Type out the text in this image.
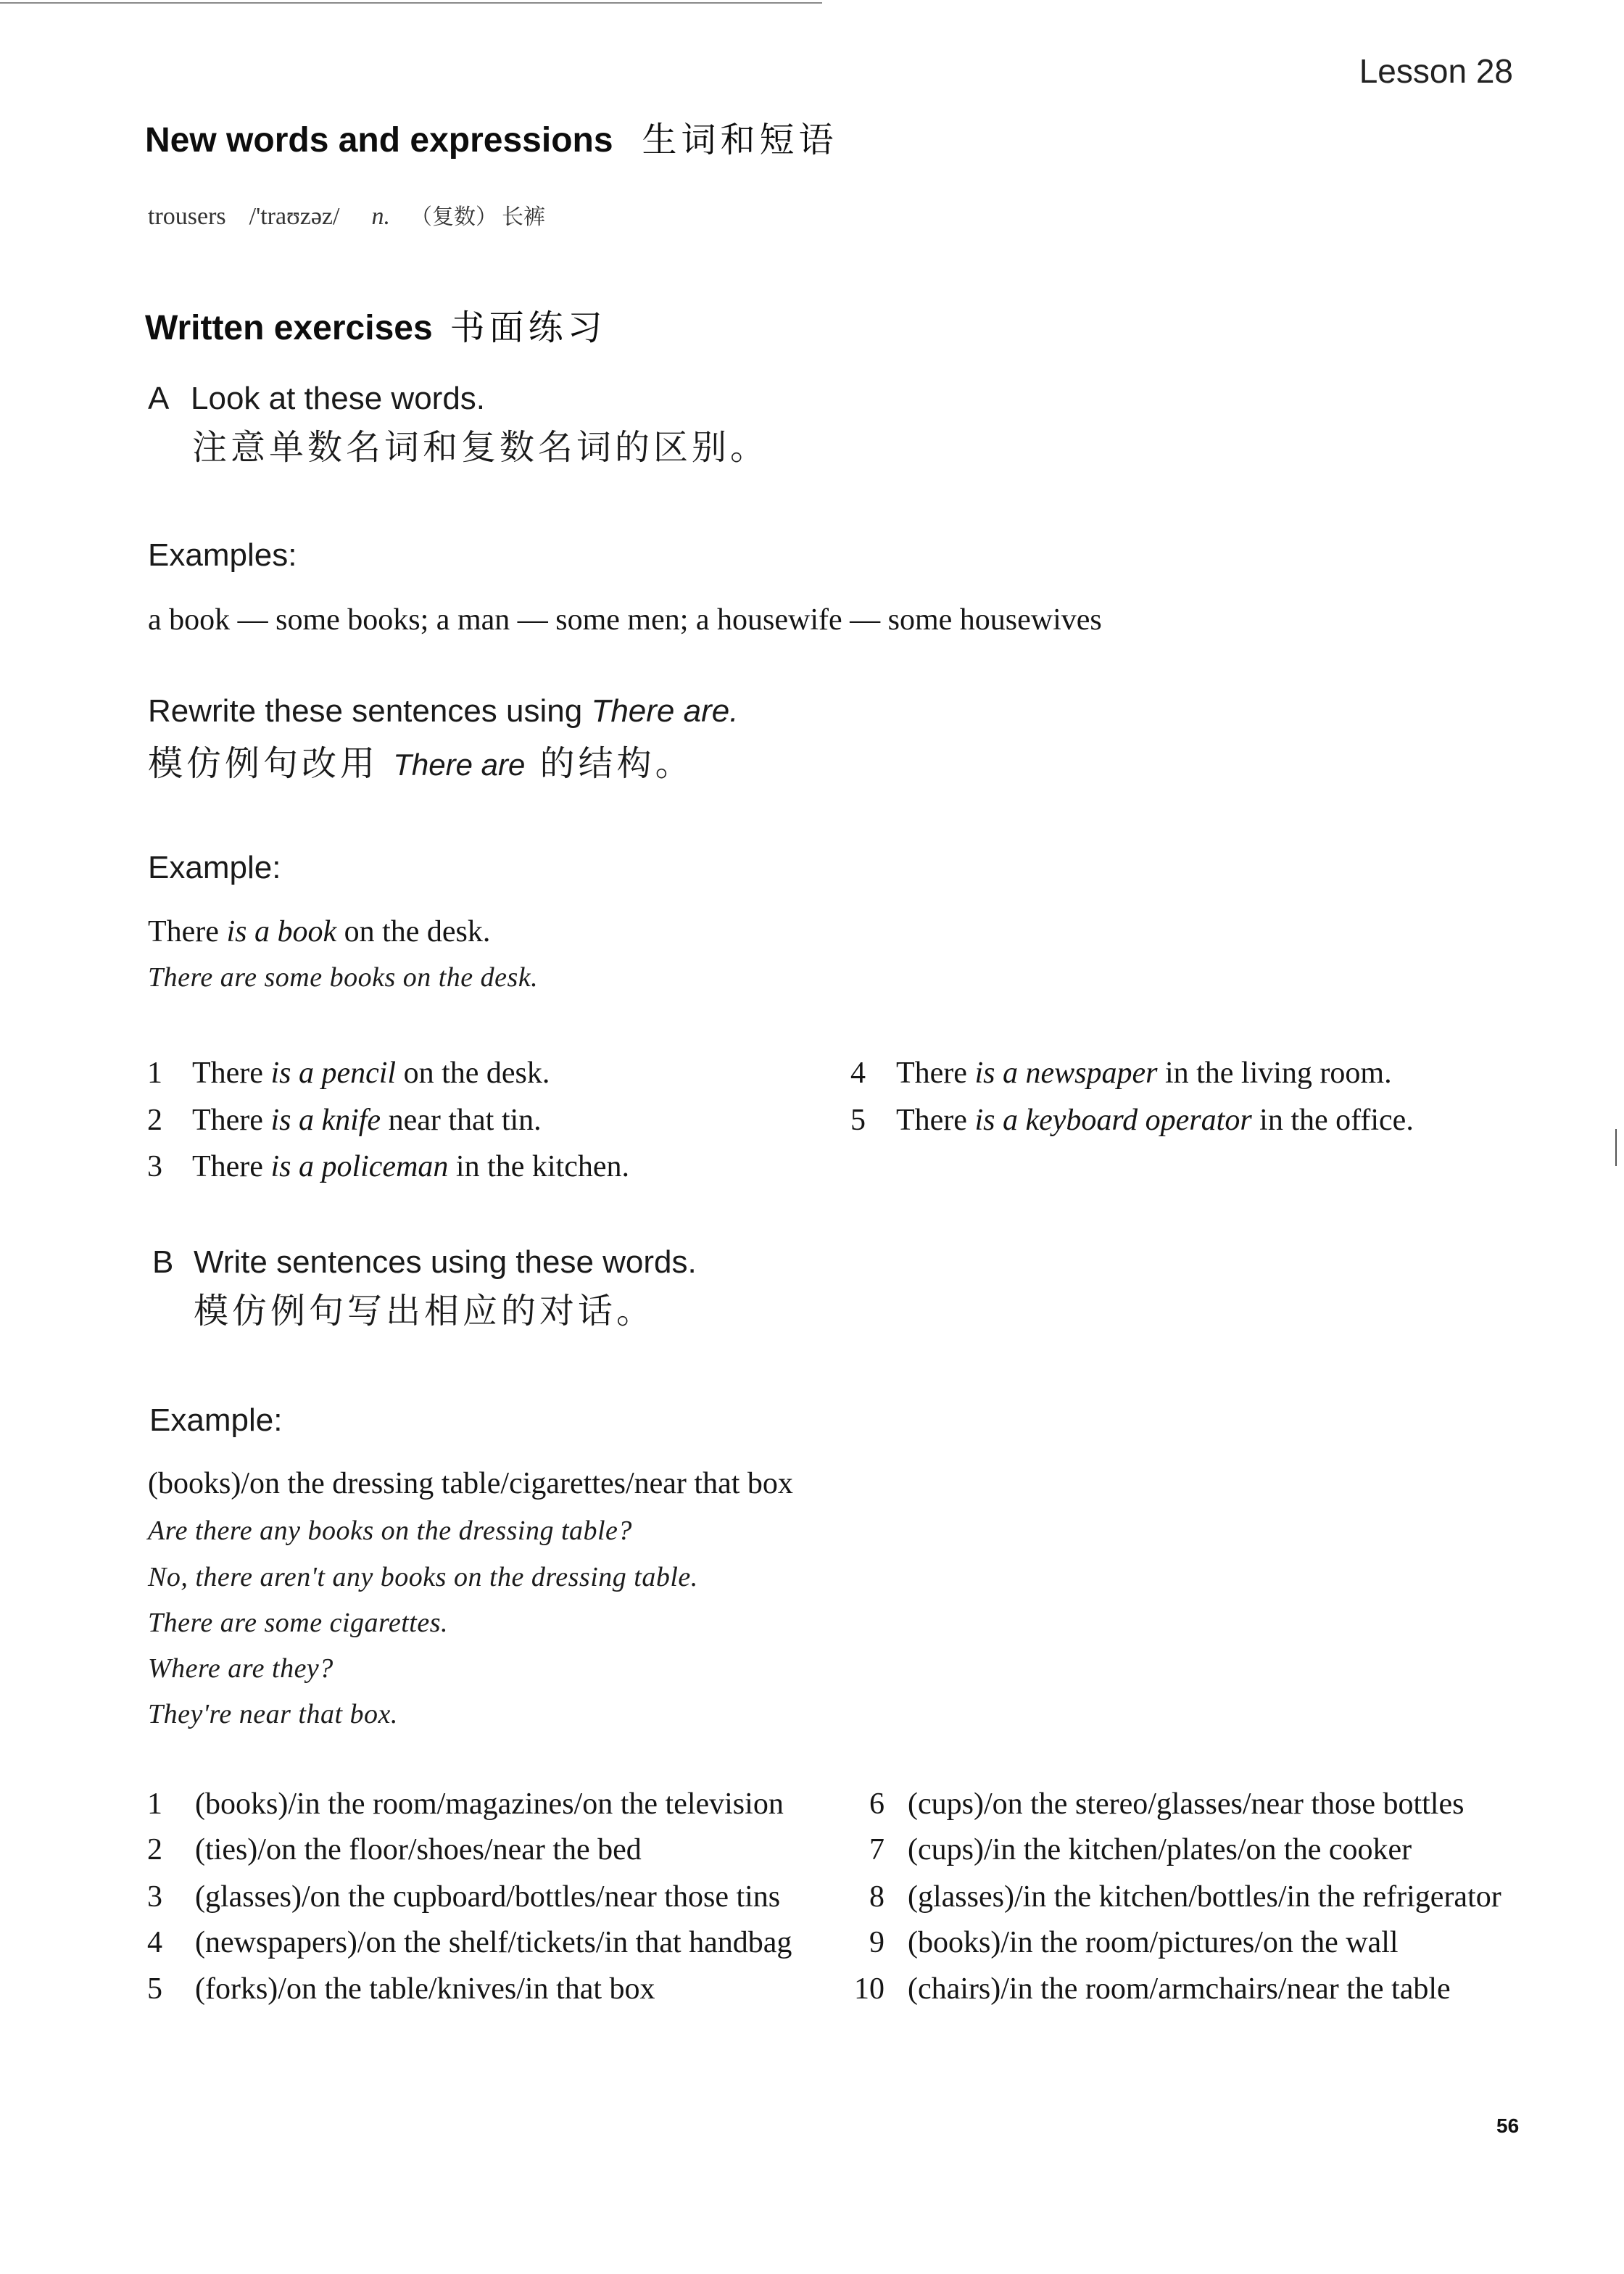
Lesson 28
New words and expressions 生词和短语
trousers /'traʊzəz/ n. （复数） 长裤
Written exercises 书面练习
A Look at these words.
注意单数名词和复数名词的区别。
Examples:
a book — some books; a man — some men; a housewife — some housewives
Rewrite these sentences using There are.
模仿例句改用 There are 的结构。
Example:
There is a book on the desk.
There are some books on the desk.
1 There is a pencil on the desk.
2 There is a knife near that tin.
3 There is a policeman in the kitchen.
4 There is a newspaper in the living room.
5 There is a keyboard operator in the office.
B Write sentences using these words.
模仿例句写出相应的对话。
Example:
(books)/on the dressing table/cigarettes/near that box
Are there any books on the dressing table?
No, there aren't any books on the dressing table.
There are some cigarettes.
Where are they?
They're near that box.
1 (books)/in the room/magazines/on the television
2 (ties)/on the floor/shoes/near the bed
3 (glasses)/on the cupboard/bottles/near those tins
4 (newspapers)/on the shelf/tickets/in that handbag
5 (forks)/on the table/knives/in that box
6 (cups)/on the stereo/glasses/near those bottles
7 (cups)/in the kitchen/plates/on the cooker
8 (glasses)/in the kitchen/bottles/in the refrigerator
9 (books)/in the room/pictures/on the wall
10 (chairs)/in the room/armchairs/near the table
56
